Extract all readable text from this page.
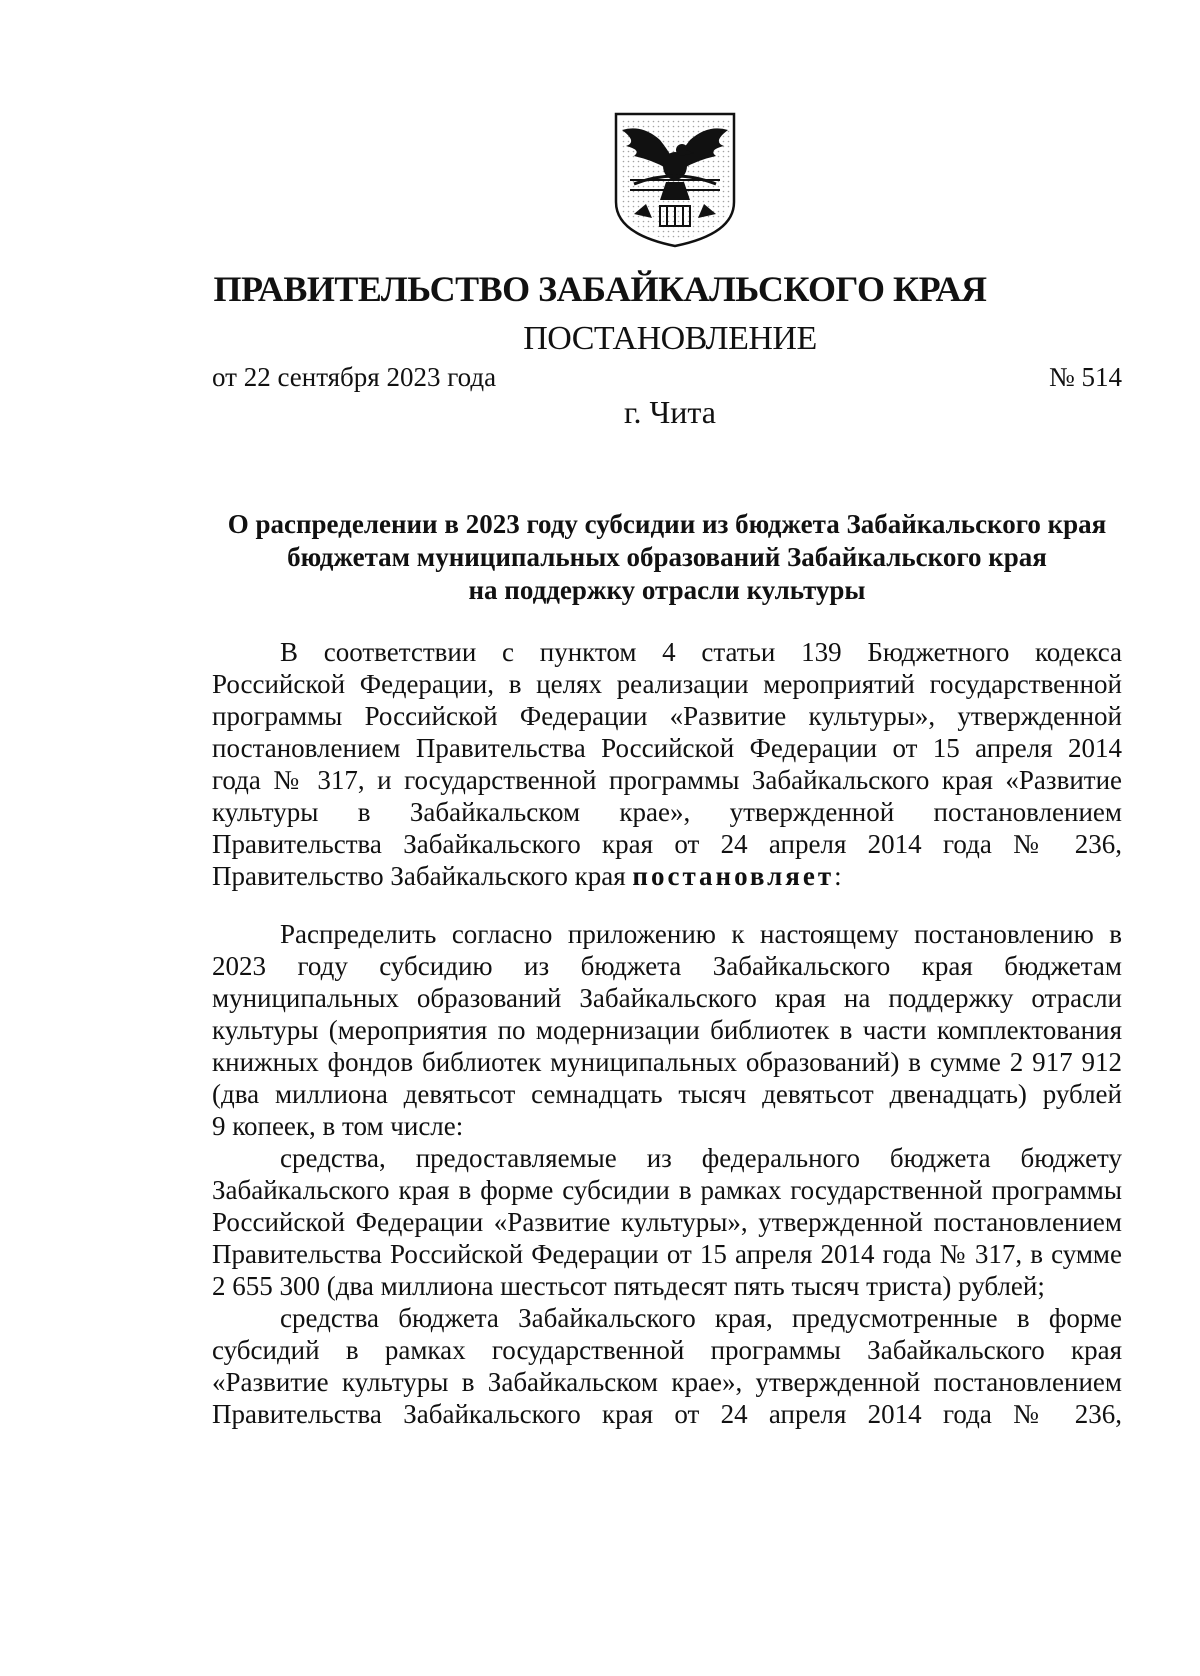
ПРАВИТЕЛЬСТВО ЗАБАЙКАЛЬСКОГО КРАЯ
ПОСТАНОВЛЕНИЕ
от 22 сентября 2023 года	№ 514
г. Чита
О распределении в 2023 году субсидии из бюджета Забайкальского края
бюджетам муниципальных образований Забайкальского края
на поддержку отрасли культуры
В соответствии с пунктом 4 статьи 139 Бюджетного кодекса
Российской Федерации, в целях реализации мероприятий государственной
программы Российской Федерации «Развитие культуры», утвержденной
постановлением Правительства Российской Федерации от 15 апреля 2014
года № 317, и государственной программы Забайкальского края «Развитие
культуры в Забайкальском крае», утвержденной постановлением
Правительства Забайкальского края от 24 апреля 2014 года № 236,
Правительство Забайкальского края постановляет:
Распределить согласно приложению к настоящему постановлению в
2023 году субсидию из бюджета Забайкальского края бюджетам
муниципальных образований Забайкальского края на поддержку отрасли
культуры (мероприятия по модернизации библиотек в части комплектования
книжных фондов библиотек муниципальных образований) в сумме 2 917 912
(два миллиона девятьсот семнадцать тысяч девятьсот двенадцать) рублей
9 копеек, в том числе:
средства, предоставляемые из федерального бюджета бюджету
Забайкальского края в форме субсидии в рамках государственной программы
Российской Федерации «Развитие культуры», утвержденной постановлением
Правительства Российской Федерации от 15 апреля 2014 года № 317, в сумме
2 655 300 (два миллиона шестьсот пятьдесят пять тысяч триста) рублей;
средства бюджета Забайкальского края, предусмотренные в форме
субсидий в рамках государственной программы Забайкальского края
«Развитие культуры в Забайкальском крае», утвержденной постановлением
Правительства Забайкальского края от 24 апреля 2014 года № 236,
